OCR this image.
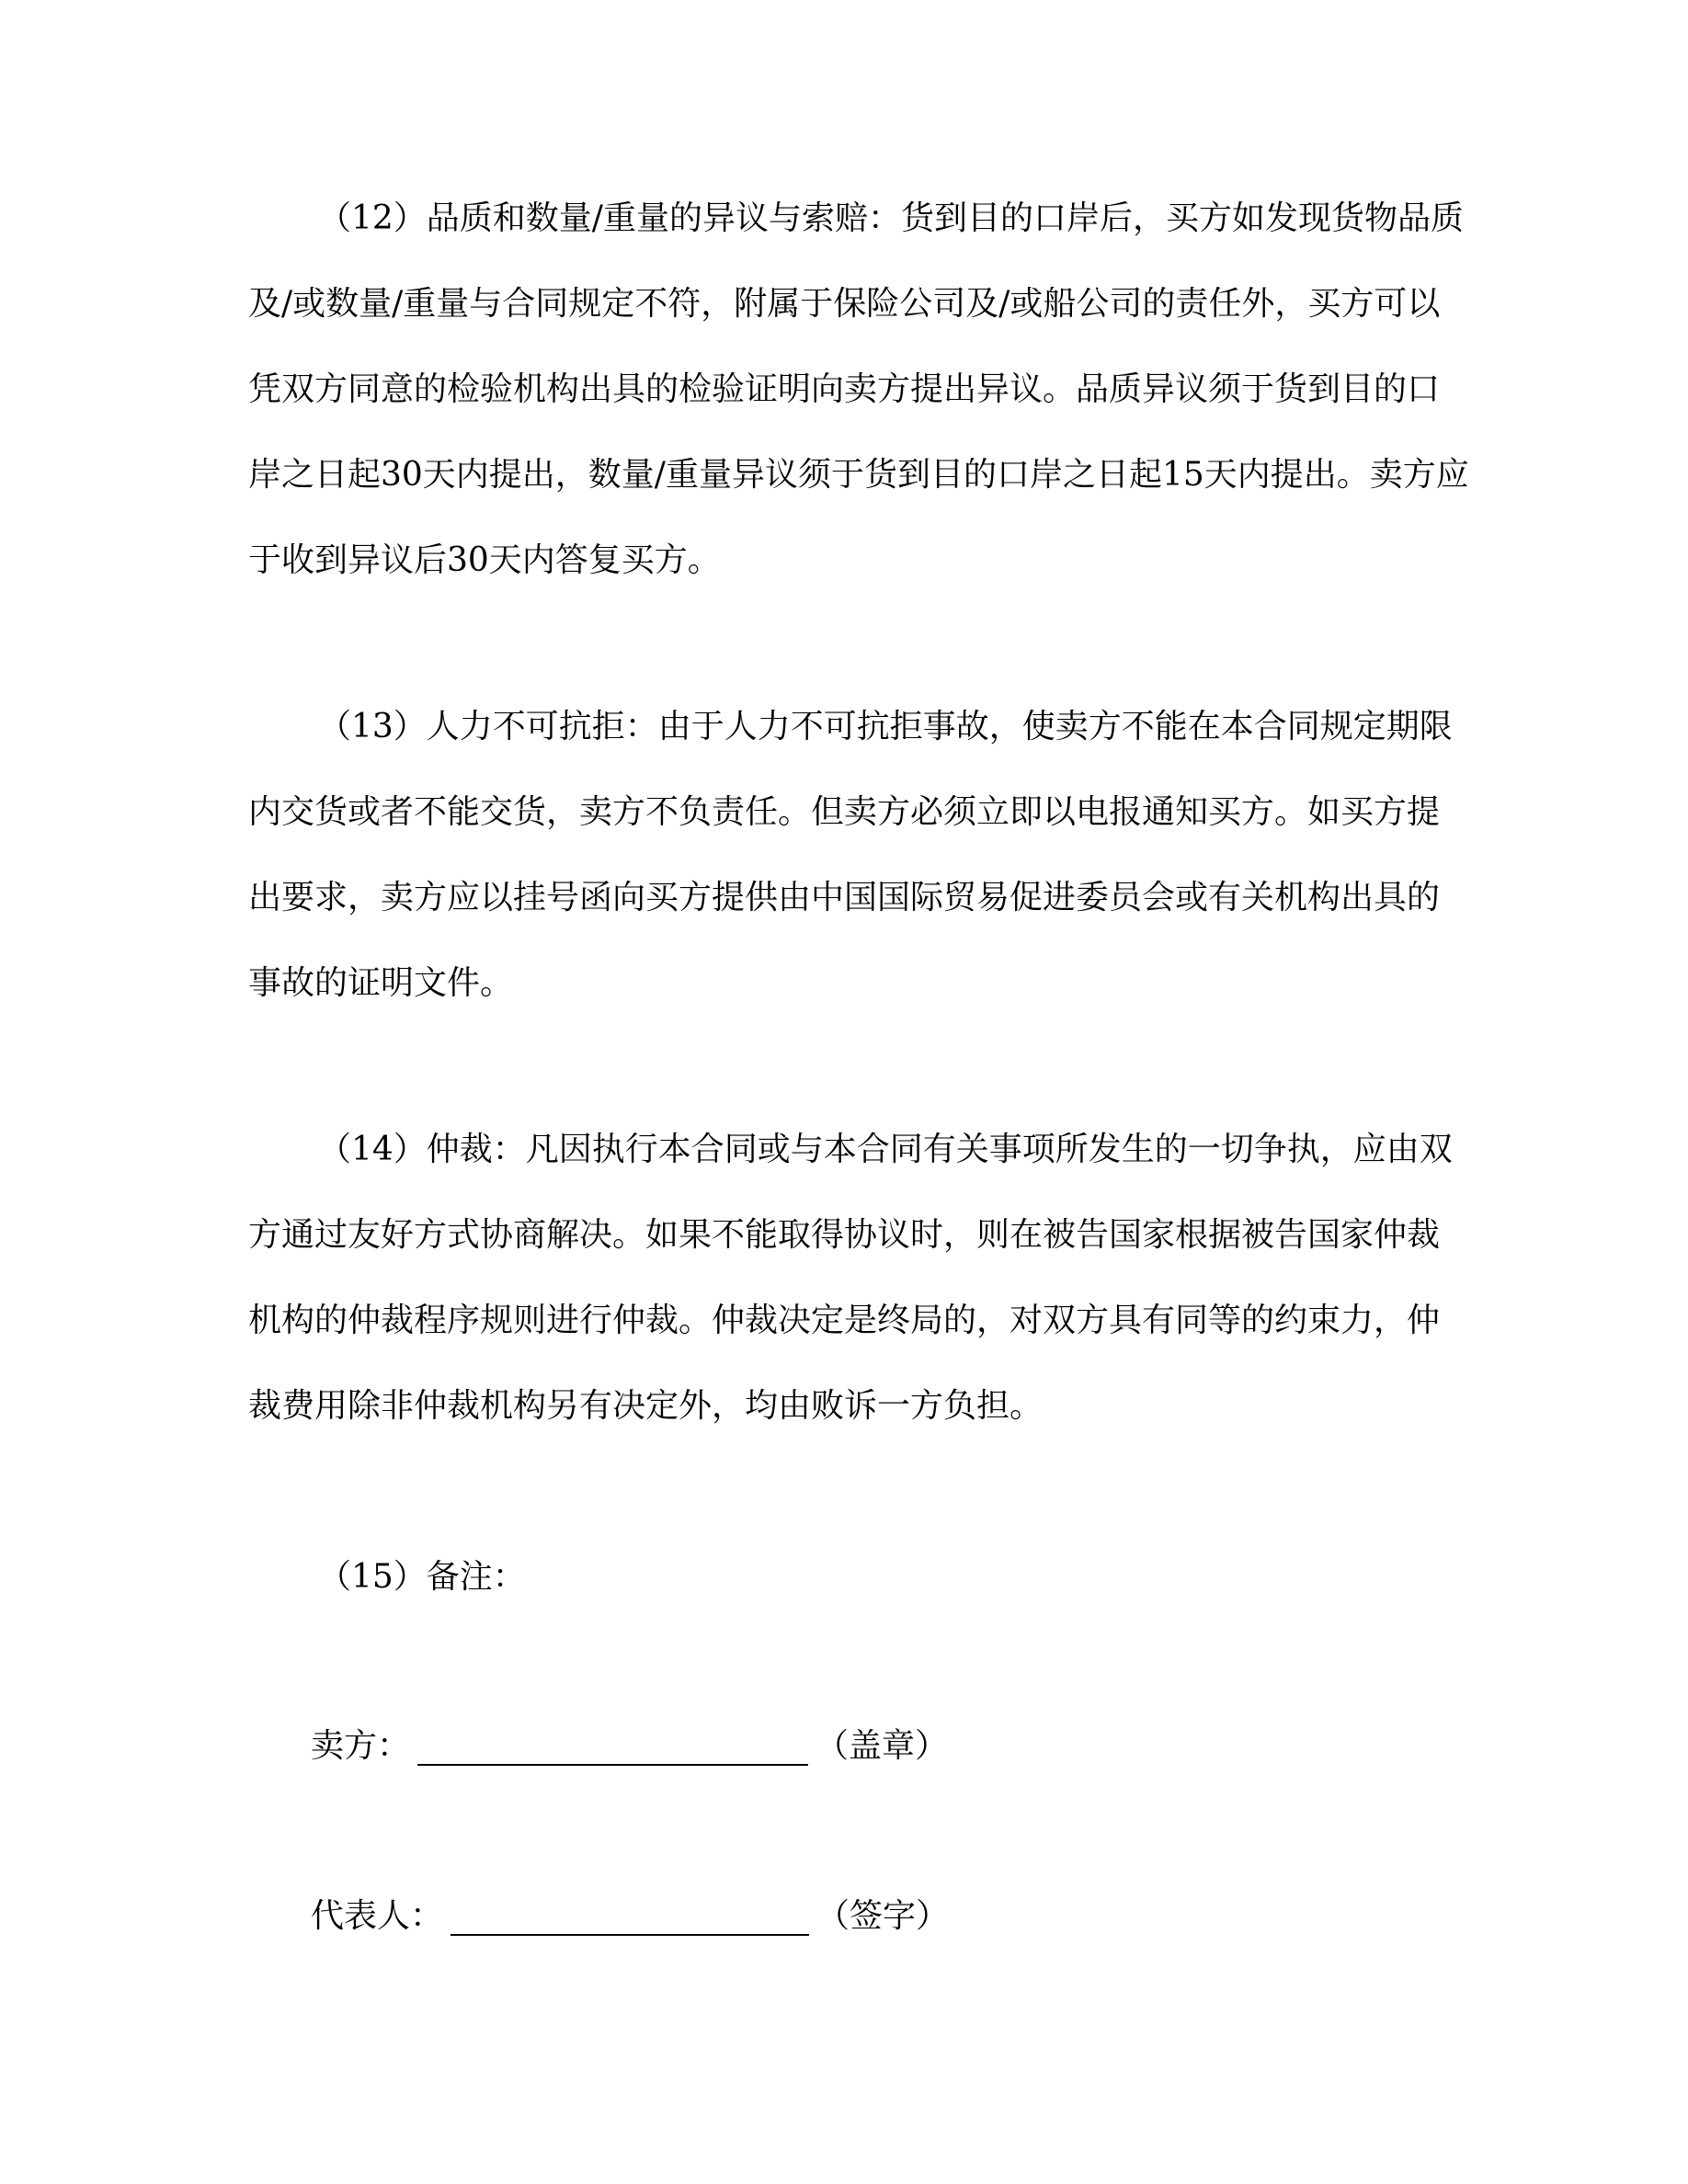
（12）品质和数量/重量的异议与索赔：货到目的口岸后，买方如发现货物品质
及/或数量/重量与合同规定不符，附属于保险公司及/或船公司的责任外，买方可以
凭双方同意的检验机构出具的检验证明向卖方提出异议。品质异议须于货到目的口
岸之日起30天内提出，数量/重量异议须于货到目的口岸之日起15天内提出。卖方应
于收到异议后30天内答复买方。
（13）人力不可抗拒：由于人力不可抗拒事故，使卖方不能在本合同规定期限
内交货或者不能交货，卖方不负责任。但卖方必须立即以电报通知买方。如买方提
出要求，卖方应以挂号函向买方提供由中国国际贸易促进委员会或有关机构出具的
事故的证明文件。
（14）仲裁：凡因执行本合同或与本合同有关事项所发生的一切争执，应由双
方通过友好方式协商解决。如果不能取得协议时，则在被告国家根据被告国家仲裁
机构的仲裁程序规则进行仲裁。仲裁决定是终局的，对双方具有同等的约束力，仲
裁费用除非仲裁机构另有决定外，均由败诉一方负担。
（15）备注：
卖方：	（盖章）
代表人：	（签字）
